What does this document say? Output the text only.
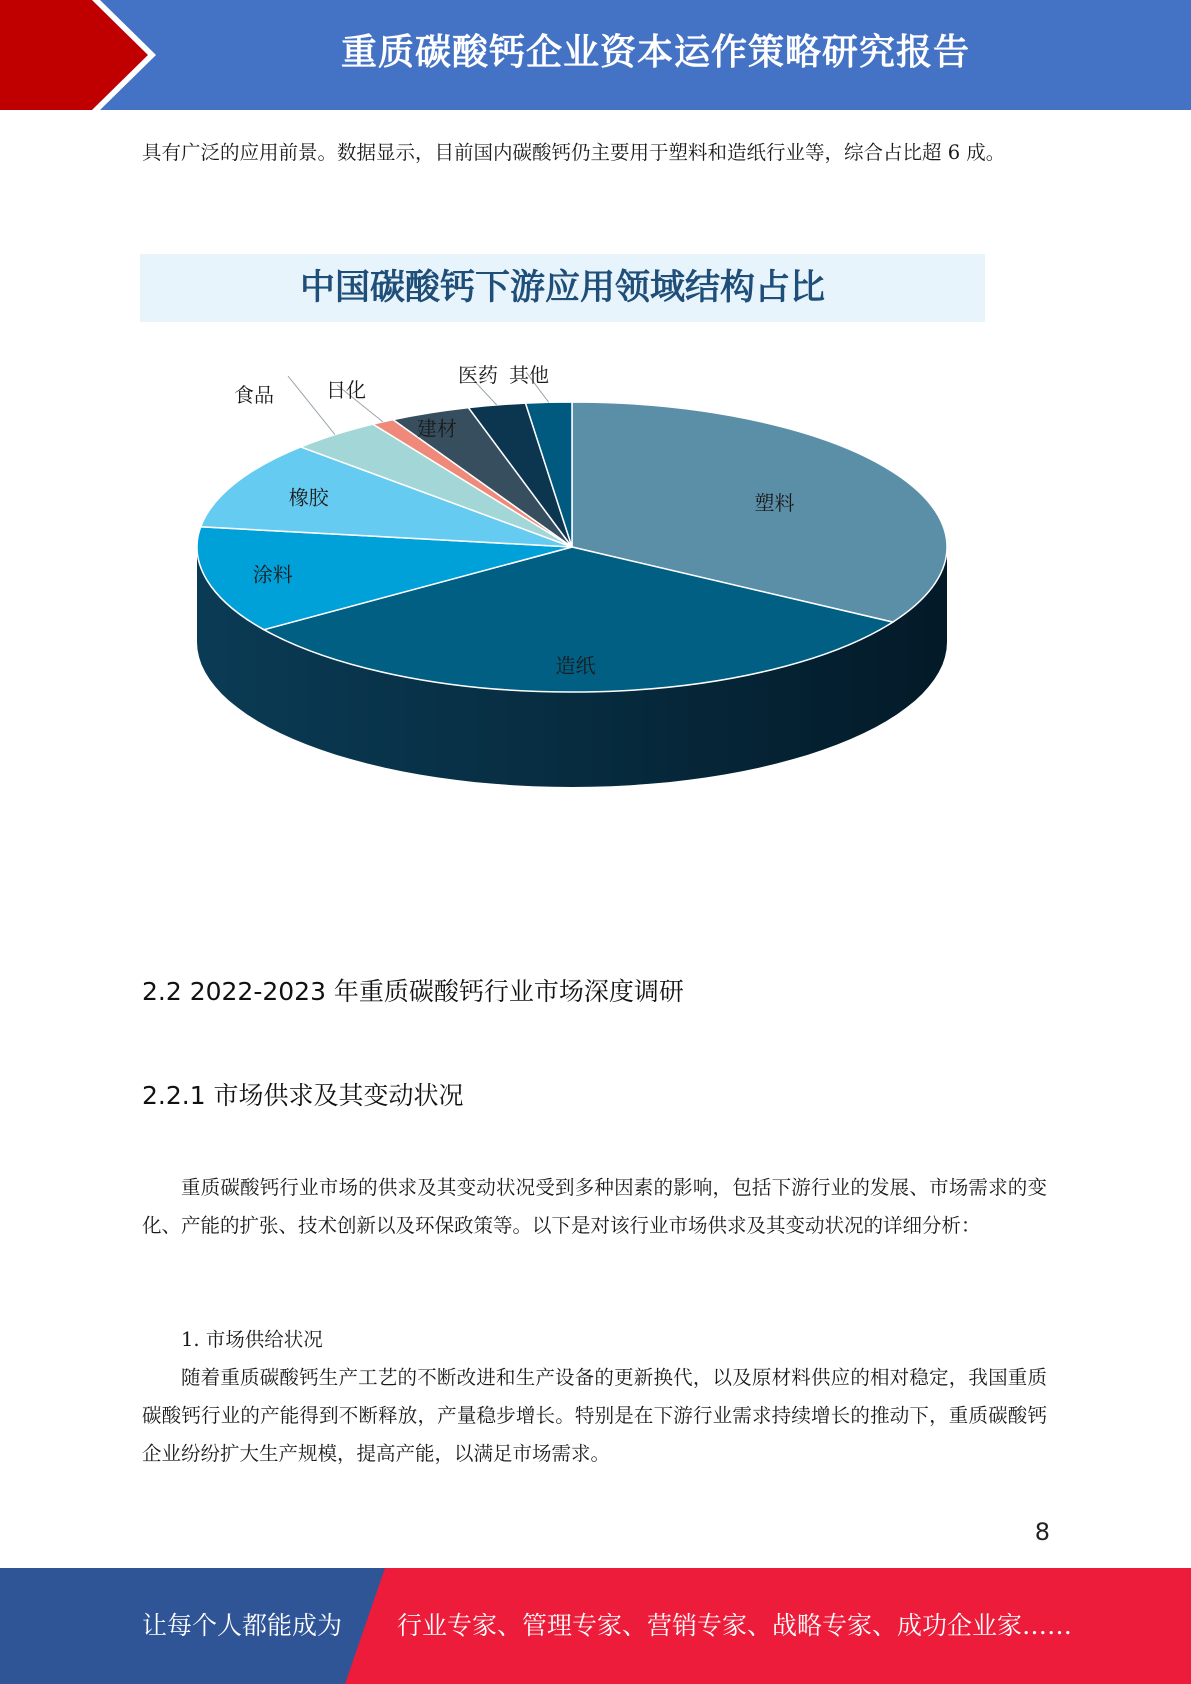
重质碳酸钙企业资本运作策略研究报告

具有广泛的应用前景。数据显示，目前国内碳酸钙仍主要用于塑料和造纸行业等，综合占比超 6 成。

中国碳酸钙下游应用领域结构占比
塑料
造纸
涂料
橡胶
食品	日化
建材
医药 其他
2.2 2022-2023 年重质碳酸钙行业市场深度调研
2.2.1 市场供求及其变动状况

重质碳酸钙行业市场的供求及其变动状况受到多种因素的影响，包括下游行业的发展、市场需求的变化、产能的扩张、技术创新以及环保政策等。以下是对该行业市场供求及其变动状况的详细分析：

1. 市场供给状况

随着重质碳酸钙生产工艺的不断改进和生产设备的更新换代，以及原材料供应的相对稳定，我国重质碳酸钙行业的产能得到不断释放，产量稳步增长。特别是在下游行业需求持续增长的推动下，重质碳酸钙企业纷纷扩大生产规模，提高产能，以满足市场需求。

8
让每个人都能成为 行业专家、管理专家、营销专家、战略专家、成功企业家……
